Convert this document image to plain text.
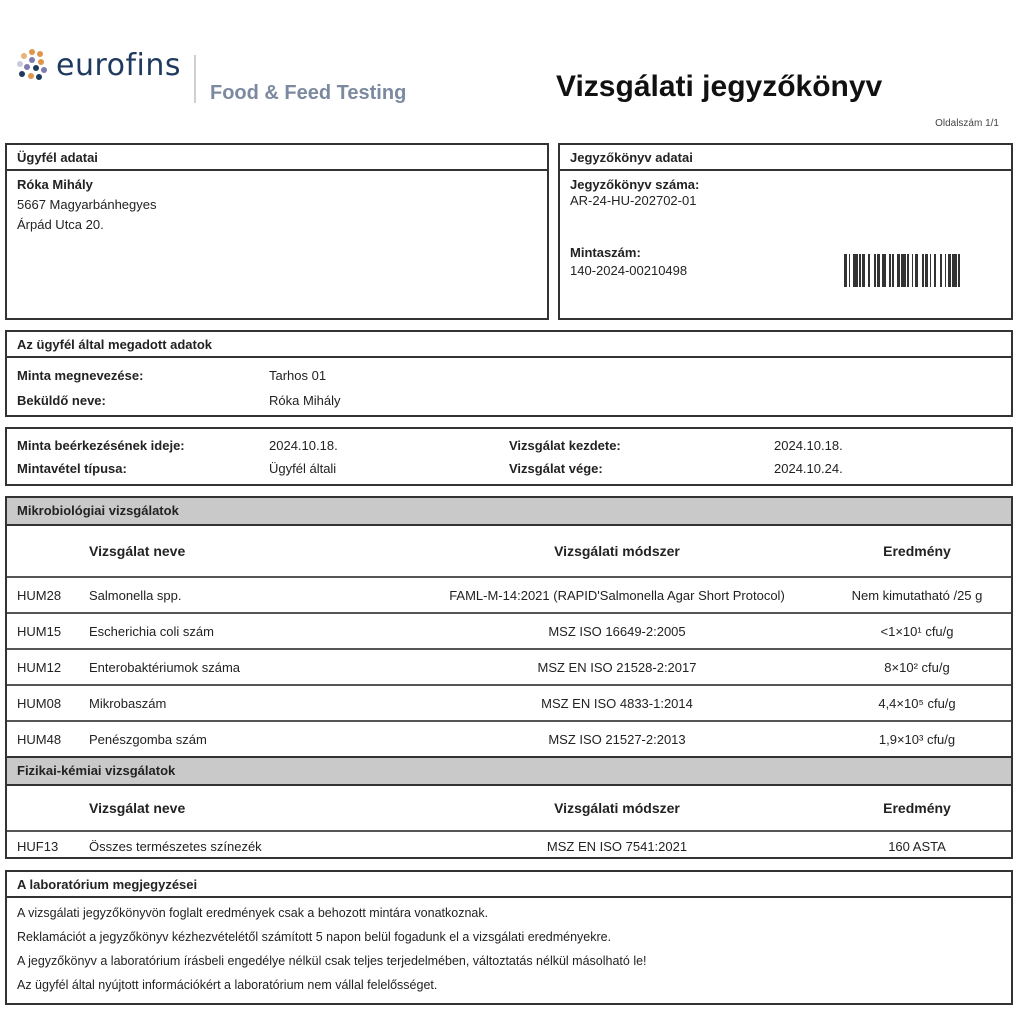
eurofins
Food & Feed Testing	Vizsgálati jegyzőkönyv
Oldalszám 1/1
Ügyfél adatai
Róka Mihály
5667 Magyarbánhegyes
Árpád Utca 20.
Jegyzőkönyv adatai
Jegyzőkönyv száma:
AR-24-HU-202702-01
Mintaszám:
140-2024-00210498
Az ügyfél által megadott adatok
Minta megnevezése:	Tarhos 01
Beküldő neve:	Róka Mihály
Minta beérkezésének ideje:	2024.10.18.
Mintavétel típusa:	Ügyfél általi
Vizsgálat kezdete:	2024.10.18.
Vizsgálat vége:	2024.10.24.
Mikrobiológiai vizsgálatok
Vizsgálat neve	Vizsgálati módszer	Eredmény
HUM28 Salmonella spp.	FAML-M-14:2021 (RAPID'Salmonella Agar Short Protocol)	Nem kimutatható /25 g
HUM15 Escherichia coli szám	MSZ ISO 16649-2:2005	<1×10¹ cfu/g
HUM12 Enterobaktériumok száma	MSZ EN ISO 21528-2:2017	8×10² cfu/g
HUM08 Mikrobaszám	MSZ EN ISO 4833-1:2014	4,4×10⁵ cfu/g
HUM48 Penészgomba szám	MSZ ISO 21527-2:2013	1,9×10³ cfu/g
Fizikai-kémiai vizsgálatok
Vizsgálat neve	Vizsgálati módszer	Eredmény
HUF13 Összes természetes színezék	MSZ EN ISO 7541:2021	160 ASTA
A laboratórium megjegyzései
A vizsgálati jegyzőkönyvön foglalt eredmények csak a behozott mintára vonatkoznak.
Reklamációt a jegyzőkönyv kézhezvételétől számított 5 napon belül fogadunk el a vizsgálati eredményekre.
A jegyzőkönyv a laboratórium írásbeli engedélye nélkül csak teljes terjedelmében, változtatás nélkül másolható le!
Az ügyfél által nyújtott információkért a laboratórium nem vállal felelősséget.
